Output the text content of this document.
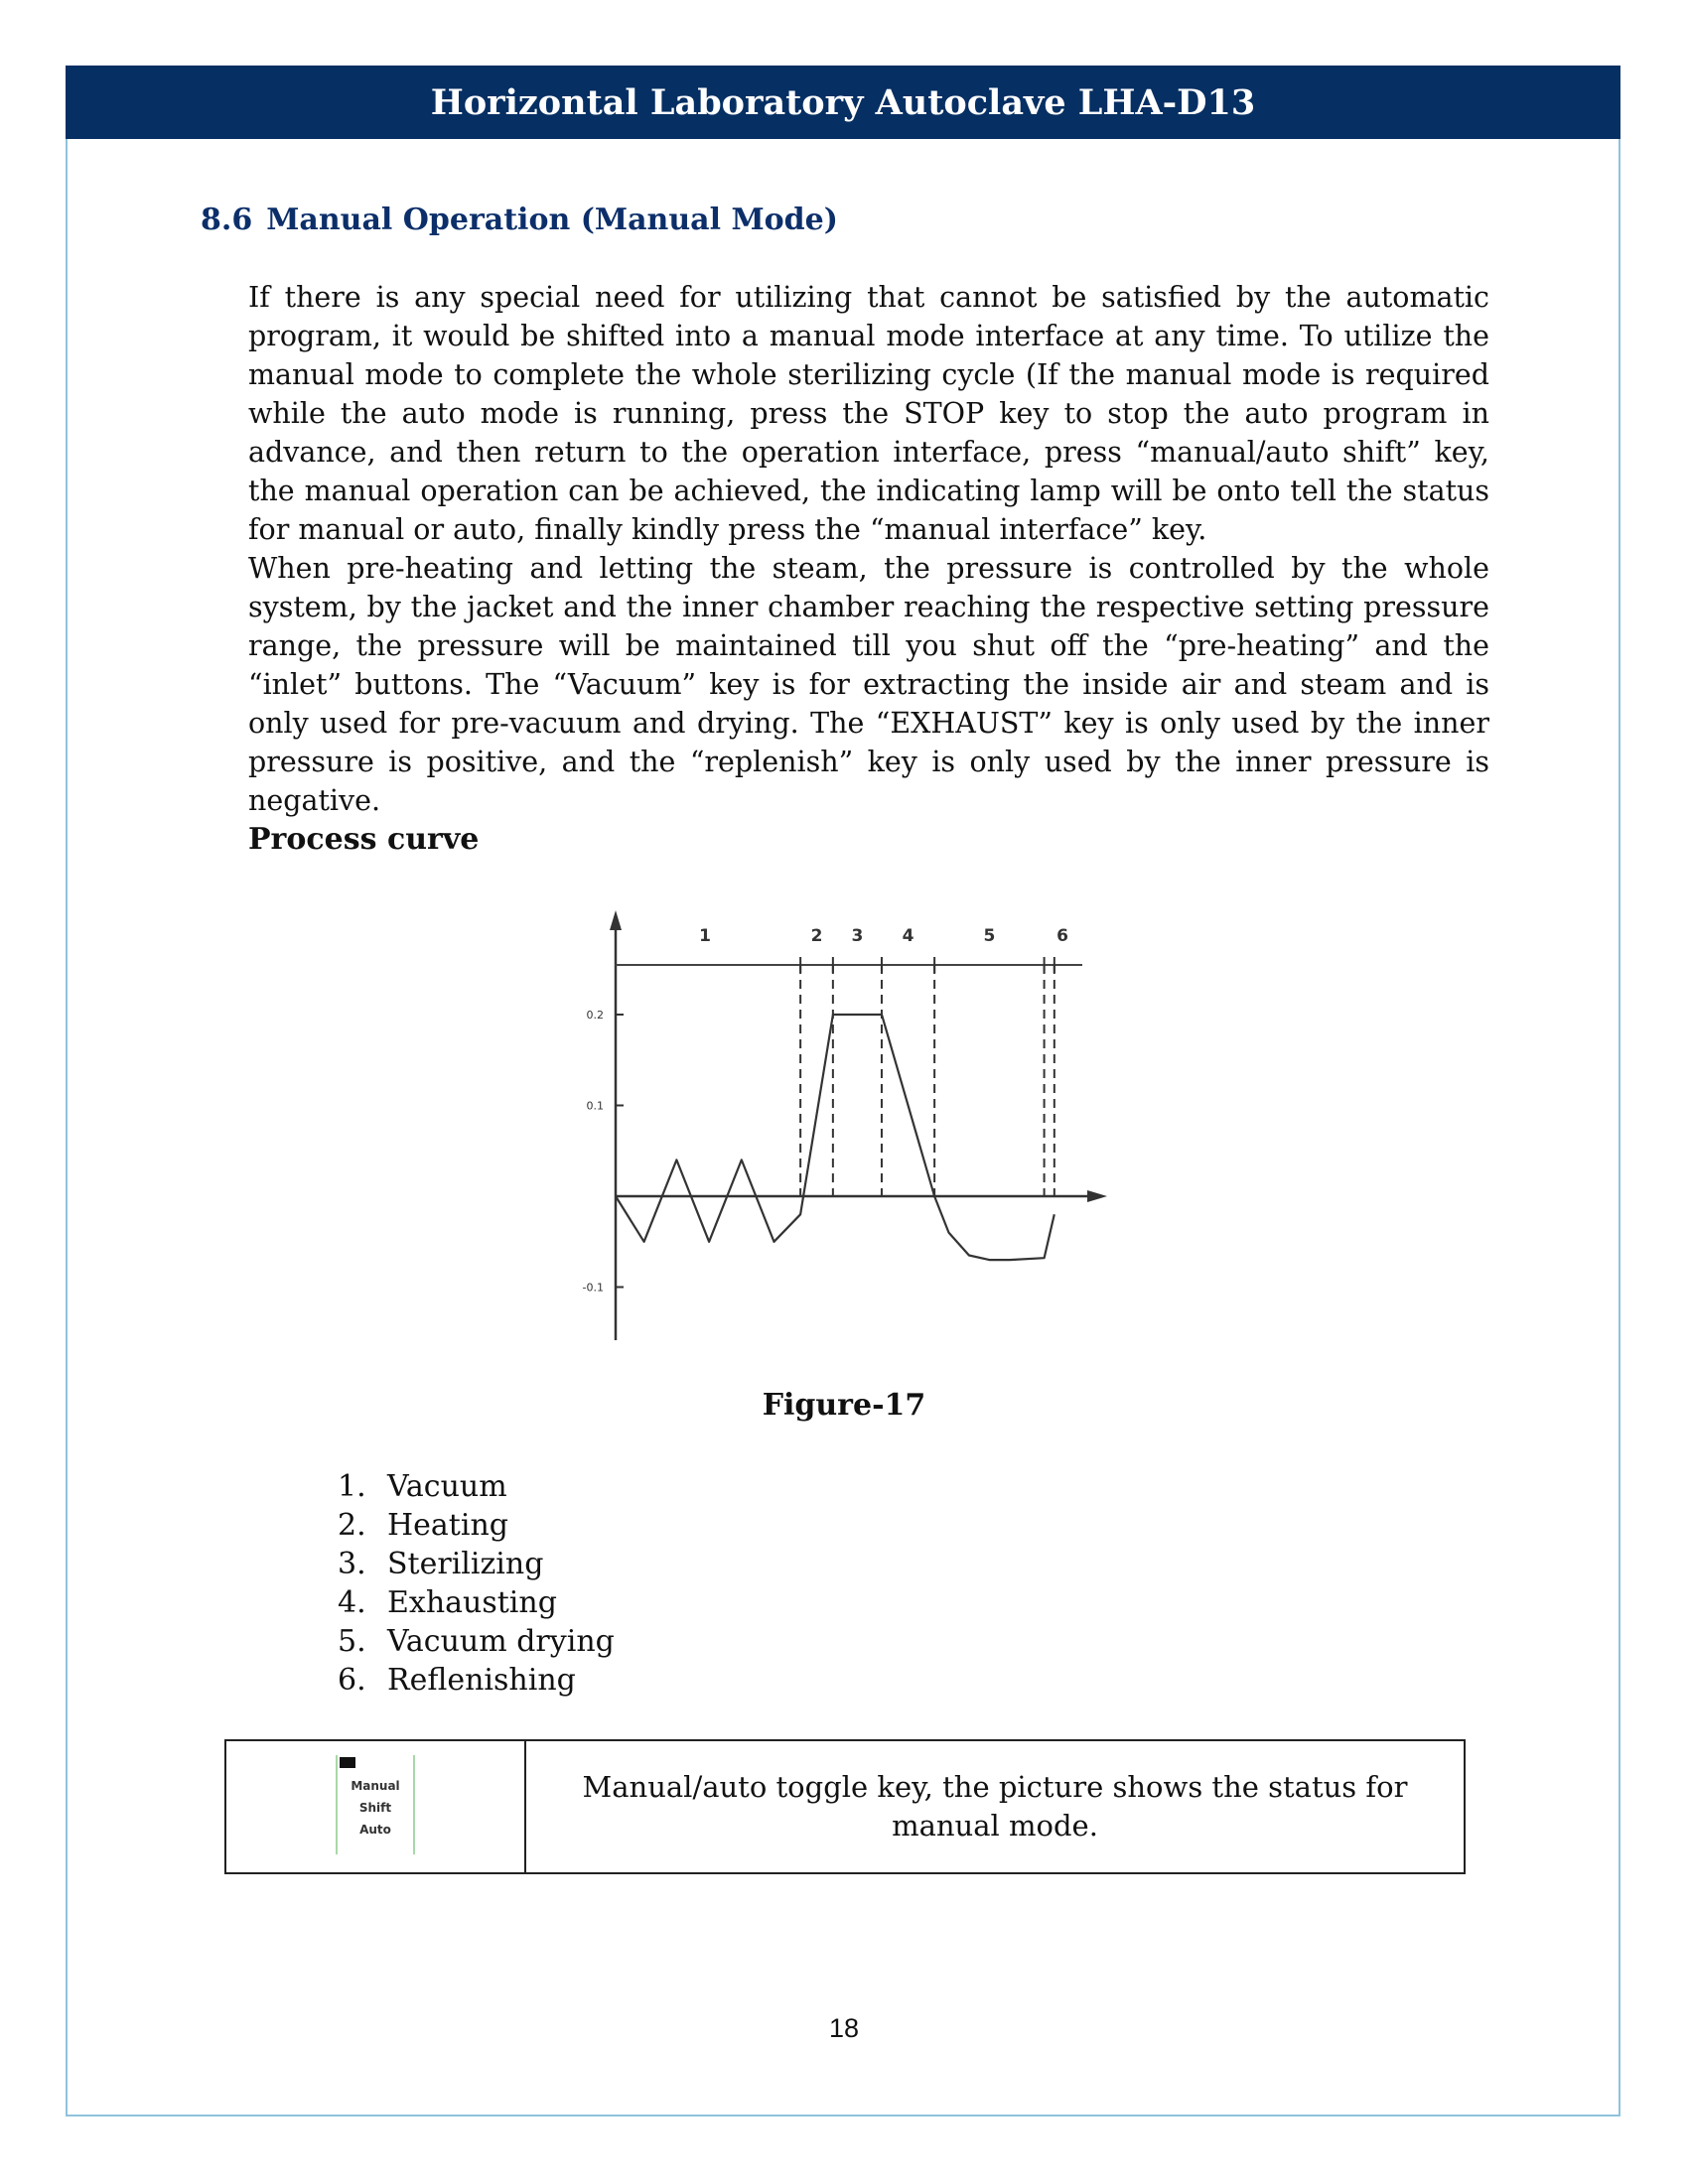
Horizontal Laboratory Autoclave LHA-D13
8.6 Manual Operation (Manual Mode)

If there is any special need for utilizing that cannot be satisfied by the automatic program, it would be shifted into a manual mode interface at any time. To utilize the manual mode to complete the whole sterilizing cycle (If the manual mode is required while the auto mode is running, press the STOP key to stop the auto program in advance, and then return to the operation interface, press “manual/auto shift” key, the manual operation can be achieved, the indicating lamp will be onto tell the status for manual or auto, finally kindly press the “manual interface” key.

When pre-heating and letting the steam, the pressure is controlled by the whole system, by the jacket and the inner chamber reaching the respective setting pressure range, the pressure will be maintained till you shut off the “pre-heating” and the “inlet” buttons. The “Vacuum” key is for extracting the inside air and steam and is only used for pre-vacuum and drying. The “EXHAUST” key is only used by the inner pressure is positive, and the “replenish” key is only used by the inner pressure is negative.

Process curve
0.2
0.1
-0.1
1	2 3 4	5	6
Figure-17
1. Vacuum
2. Heating
3. Sterilizing
4. Exhausting
5. Vacuum drying
6. Reflenishing
Manual
Shift
Auto
	Manual/auto toggle key, the picture shows the status for manual mode.
18
